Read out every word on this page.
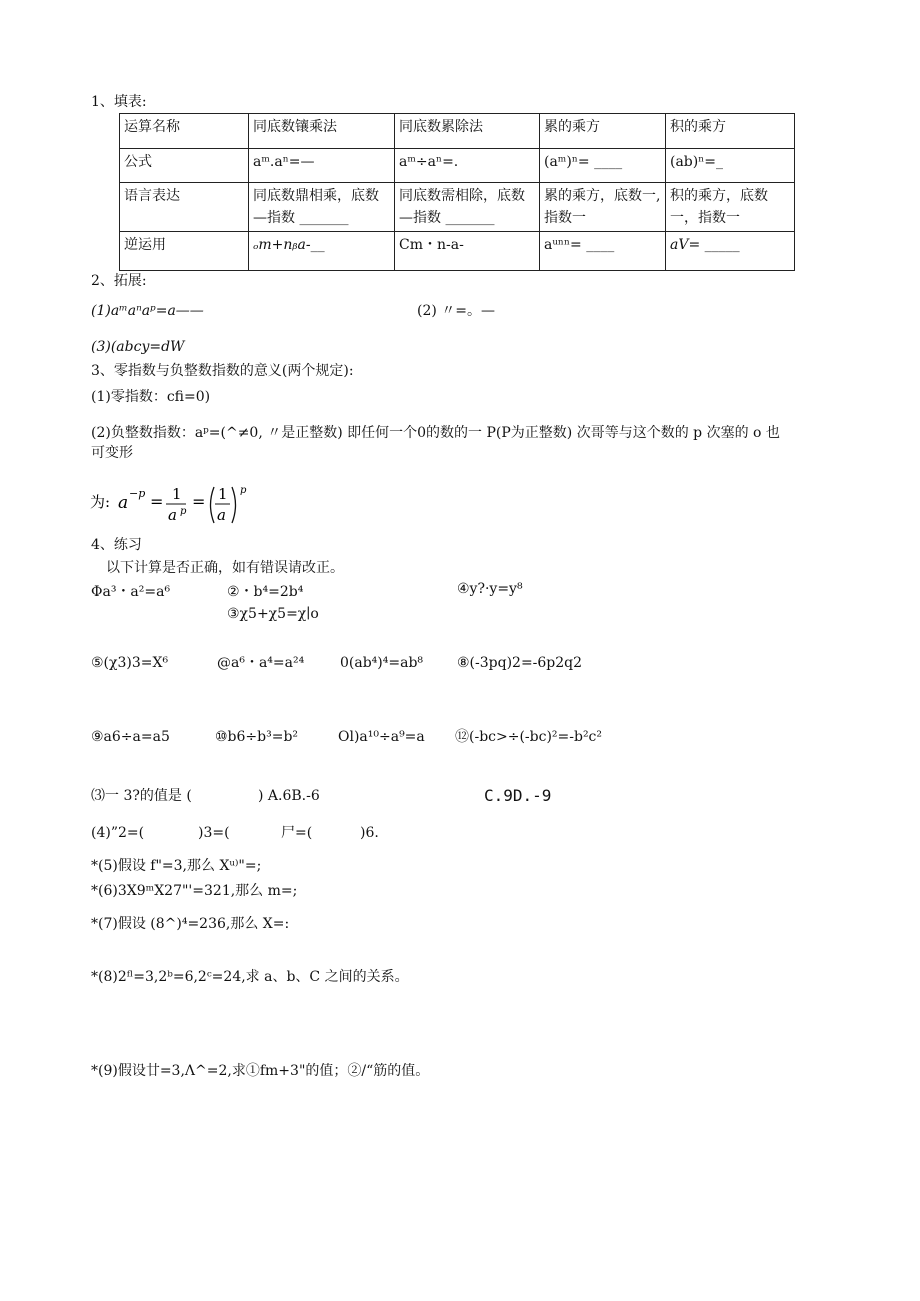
1、填表:
运算名称	同底数镶乘法	同底数累除法	累的乘方	积的乘方
公式	aᵐ.aⁿ=—	aᵐ÷aⁿ=.	(aᵐ)ⁿ= ____	(ab)ⁿ=_
语言表达	同底数鼎相乘，底数—指数 _______	同底数需相除，底数—指数 _______	累的乘方，底数一, 指数一	积的乘方，底数一，指数一
逆运用	ₒm+nᵦa-__	Cm・n-a-	aᵘⁿⁿ= ____	aV= _____
2、拓展:
(1)aᵐaⁿaᵖ=a——	(2) 〃=。—
(3)(abcy=dW
3、零指数与负整数指数的意义(两个规定):
(1)零指数：cfi=0)
(2)负整数指数：aᵖ=(^≠0, 〃是正整数) 即任何一个0的数的一 P(P为正整数) 次哥等与这个数的 p 次塞的 o 也
可变形
为: a −p = 1
a p
= 1
a
p
4、练习
以下计算是否正确，如有错误请改正。
Φa³・a²=a⁶	②・b⁴=2b⁴	④y?·y=y⁸
③χ5+χ5=χ∣o
⑤(χ3)3=X⁶	@a⁶・a⁴=a²⁴	0(ab⁴)⁴=ab⁸ ⑧(-3pq)2=-6p2q2
⑨a6÷a=a5	⑩b6÷b³=b²	Ol)a¹⁰÷a⁹=a ⑫(-bc>÷(-bc)²=-b²c²
⑶一 3?的值是 (	) A.6B.-6	C.9D.-9
(4)”2=(	)3=(	尸=(	)6.
*(5)假设 f"=3,那么 Xᵘ⁾"=;
*(6)3X9ᵐX27"'=321,那么 m=;
*(7)假设 (8^)⁴=236,那么 X=:
*(8)2ᶠˡ=3,2ᵇ=6,2ᶜ=24,求 a、b、C 之间的关系。
*(9)假设廿=3,Λ^=2,求①fm+3"的值；②/“筋的值。
